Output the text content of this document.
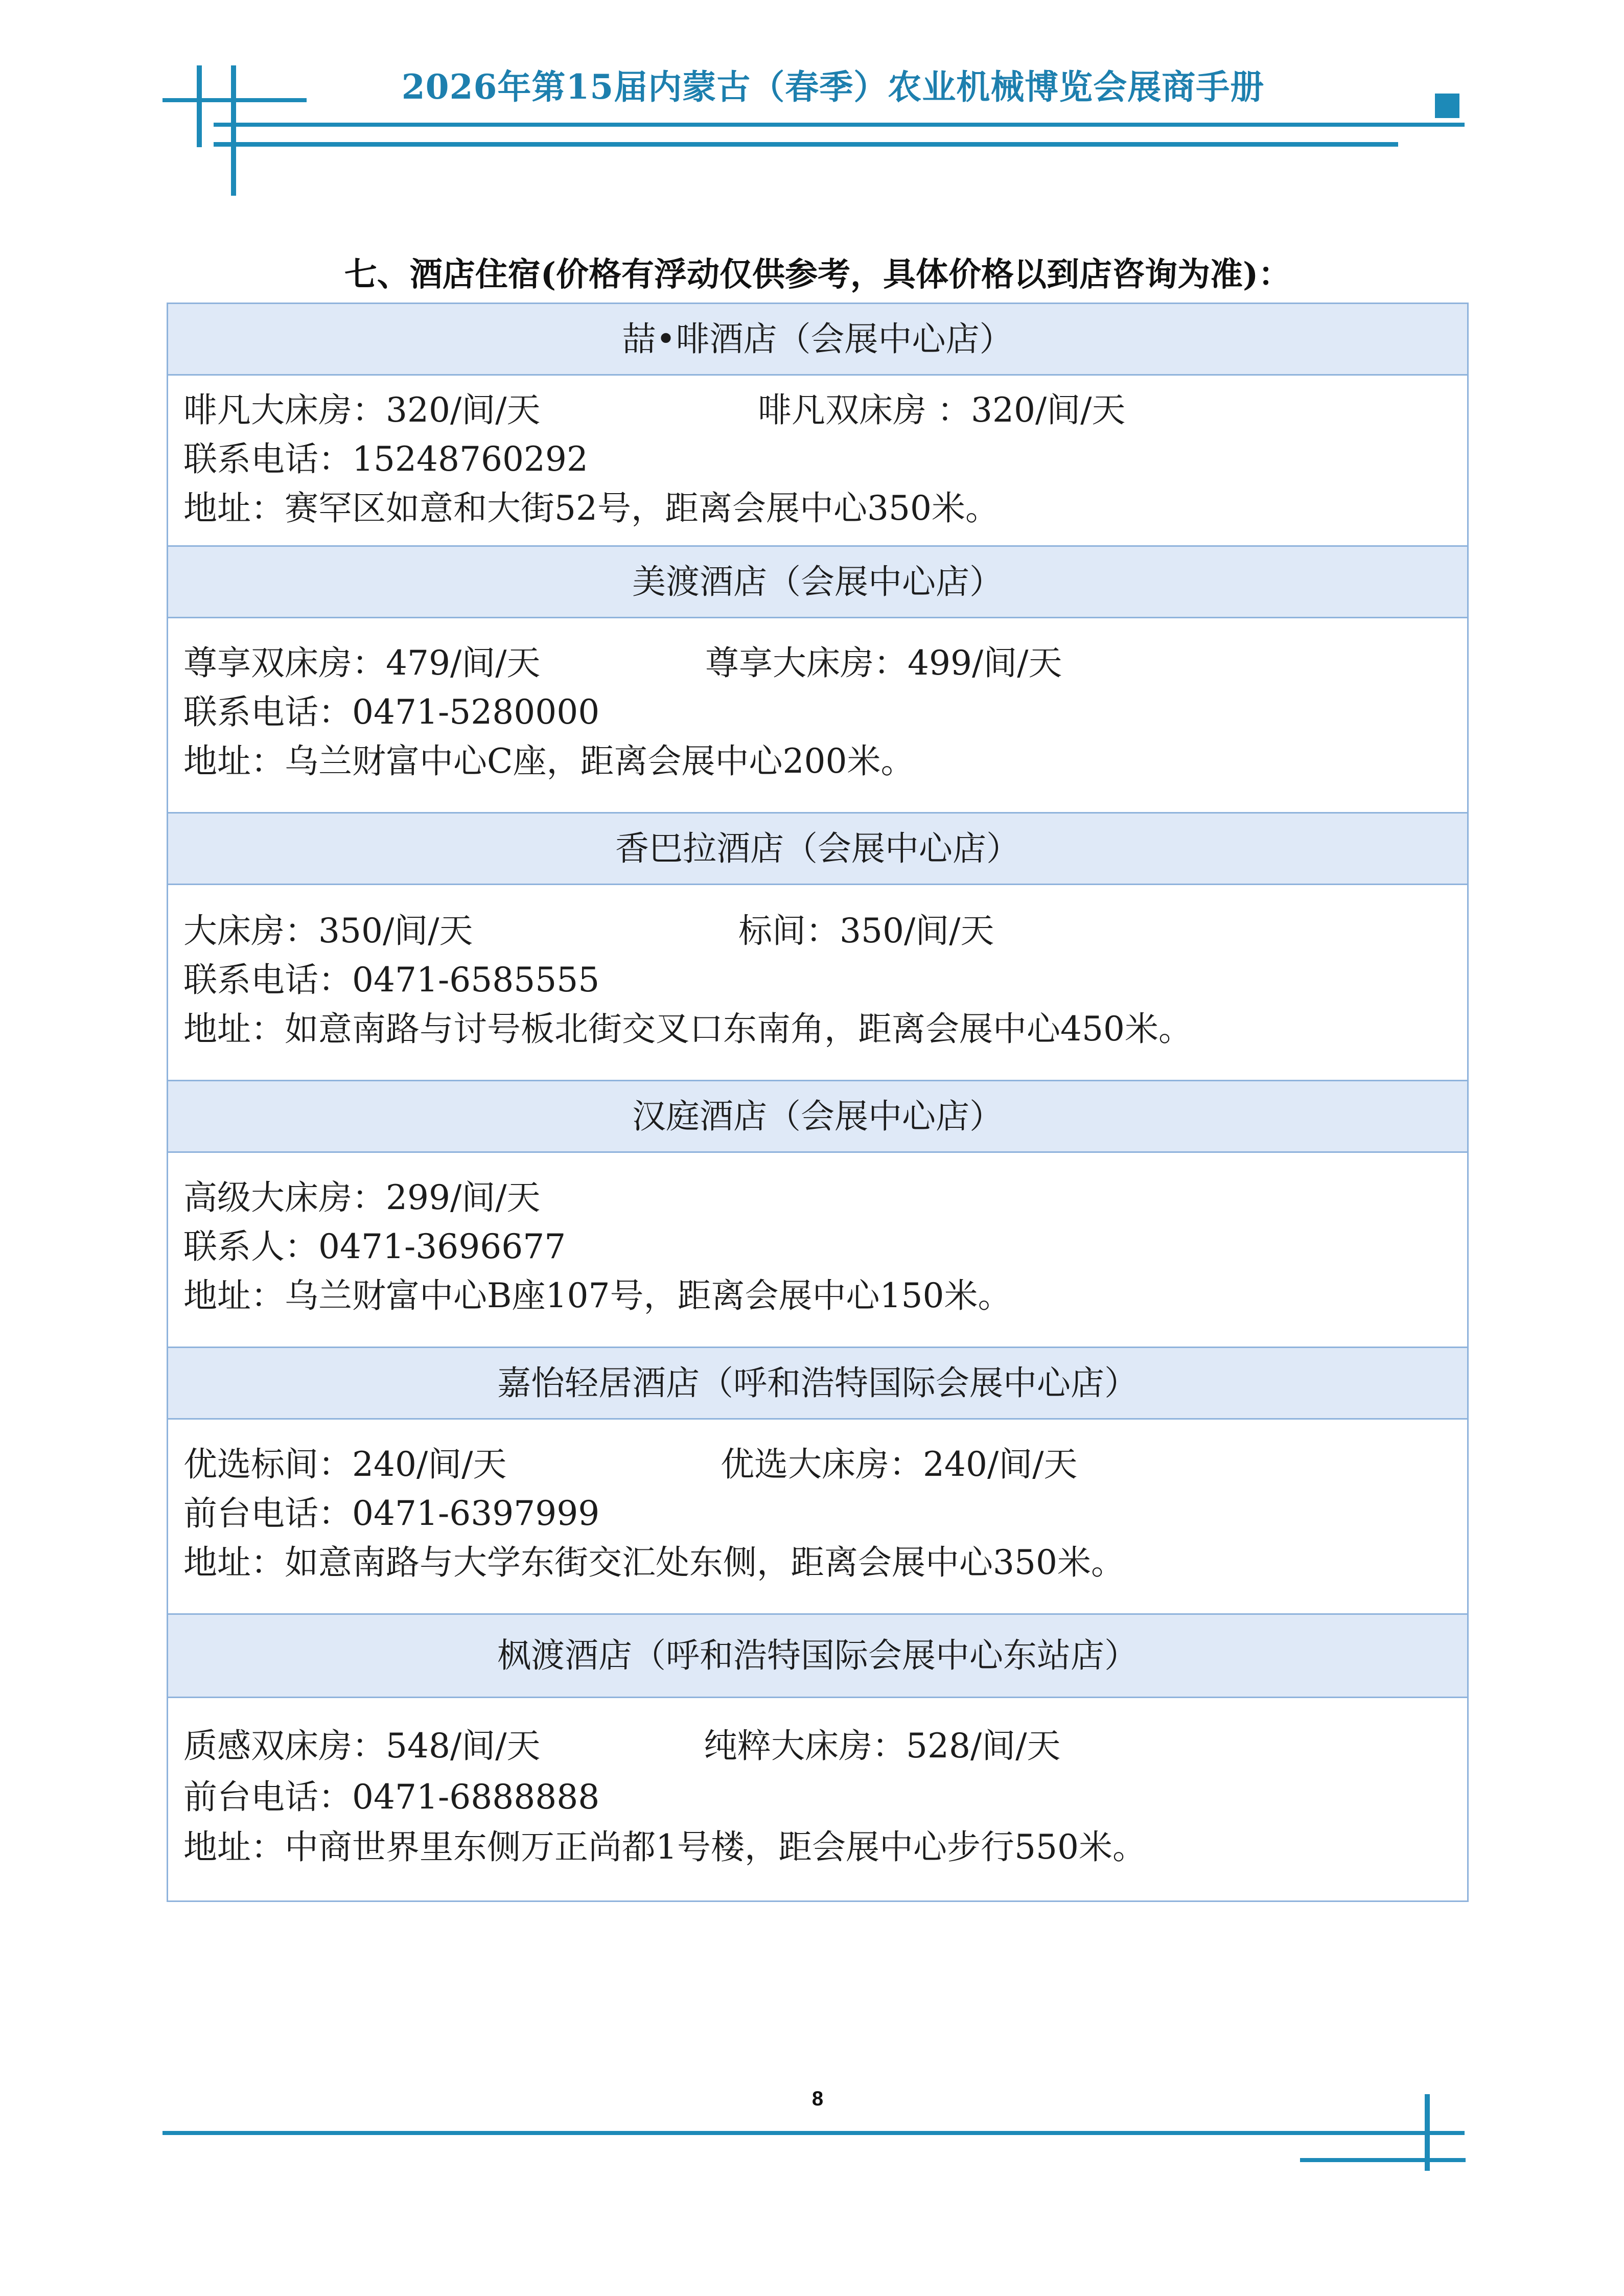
2026年第15届内蒙古（春季）农业机械博览会展商手册
七、酒店住宿(价格有浮动仅供参考，具体价格以到店咨询为准)：
喆•啡酒店（会展中心店）
啡凡大床房：320/间/天	啡凡双床房 ：320/间/天
联系电话：15248760292
地址：赛罕区如意和大街52号，距离会展中心350米。
美渡酒店（会展中心店）
尊享双床房：479/间/天	尊享大床房：499/间/天
联系电话：0471-5280000
地址：乌兰财富中心C座，距离会展中心200米。
香巴拉酒店（会展中心店）
大床房：350/间/天	标间：350/间/天
联系电话：0471-6585555
地址：如意南路与讨号板北街交叉口东南角，距离会展中心450米。
汉庭酒店（会展中心店）
高级大床房：299/间/天
联系人：0471-3696677
地址：乌兰财富中心B座107号，距离会展中心150米。
嘉怡轻居酒店（呼和浩特国际会展中心店）
优选标间：240/间/天	优选大床房：240/间/天
前台电话：0471-6397999
地址：如意南路与大学东街交汇处东侧，距离会展中心350米。
枫渡酒店（呼和浩特国际会展中心东站店）
质感双床房：548/间/天	纯粹大床房：528/间/天
前台电话：0471-6888888
地址：中商世界里东侧万正尚都1号楼，距会展中心步行550米。
8
